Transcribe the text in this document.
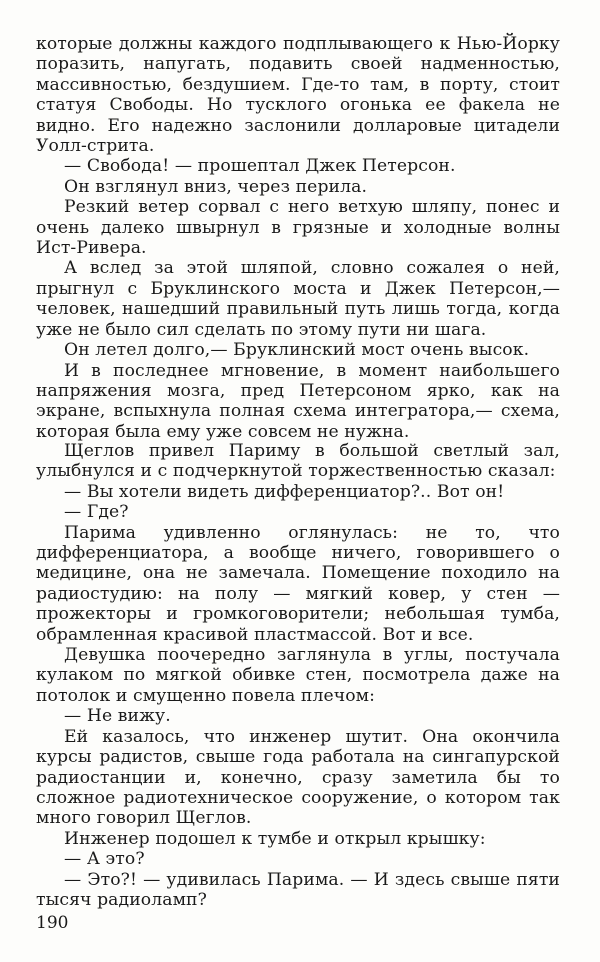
которые должны каждого подплывающего к Нью-Йорку поразить, напугать, подавить своей надменностью, массивностью, бездушием. Где-то там, в порту, стоит статуя Свободы. Но тусклого огонька ее факела не видно. Его надежно заслонили долларовые цитадели Уолл-стрита.

— Свобода! — прошептал Джек Петерсон.

Он взглянул вниз, через перила.

Резкий ветер сорвал с него ветхую шляпу, понес и очень далеко швырнул в грязные и холодные волны Ист-Ривера.

А вслед за этой шляпой, словно сожалея о ней, прыгнул с Бруклинского моста и Джек Петерсон,— человек, нашедший правильный путь лишь тогда, когда уже не было сил сделать по этому пути ни шага.

Он летел долго,— Бруклинский мост очень высок.

И в последнее мгновение, в момент наибольшего напряжения мозга, пред Петерсоном ярко, как на экране, вспыхнула полная схема интегратора,— схема, которая была ему уже совсем не нужна.

Щеглов привел Париму в большой светлый зал, улыбнулся и с подчеркнутой торжественностью сказал:

— Вы хотели видеть дифференциатор?.. Вот он!

— Где?

Парима удивленно оглянулась: не то, что дифференциатора, а вообще ничего, говорившего о медицине, она не замечала. Помещение походило на радиостудию: на полу — мягкий ковер, у стен — прожекторы и громкоговорители; небольшая тумба, обрамленная красивой пластмассой. Вот и все.

Девушка поочередно заглянула в углы, постучала кулаком по мягкой обивке стен, посмотрела даже на потолок и смущенно повела плечом:

— Не вижу.

Ей казалось, что инженер шутит. Она окончила курсы радистов, свыше года работала на сингапурской радиостанции и, конечно, сразу заметила бы то сложное радиотехническое сооружение, о котором так много говорил Щеглов.

Инженер подошел к тумбе и открыл крышку:

— А это?

— Это?! — удивилась Парима. — И здесь свыше пяти тысяч радиоламп?

190
